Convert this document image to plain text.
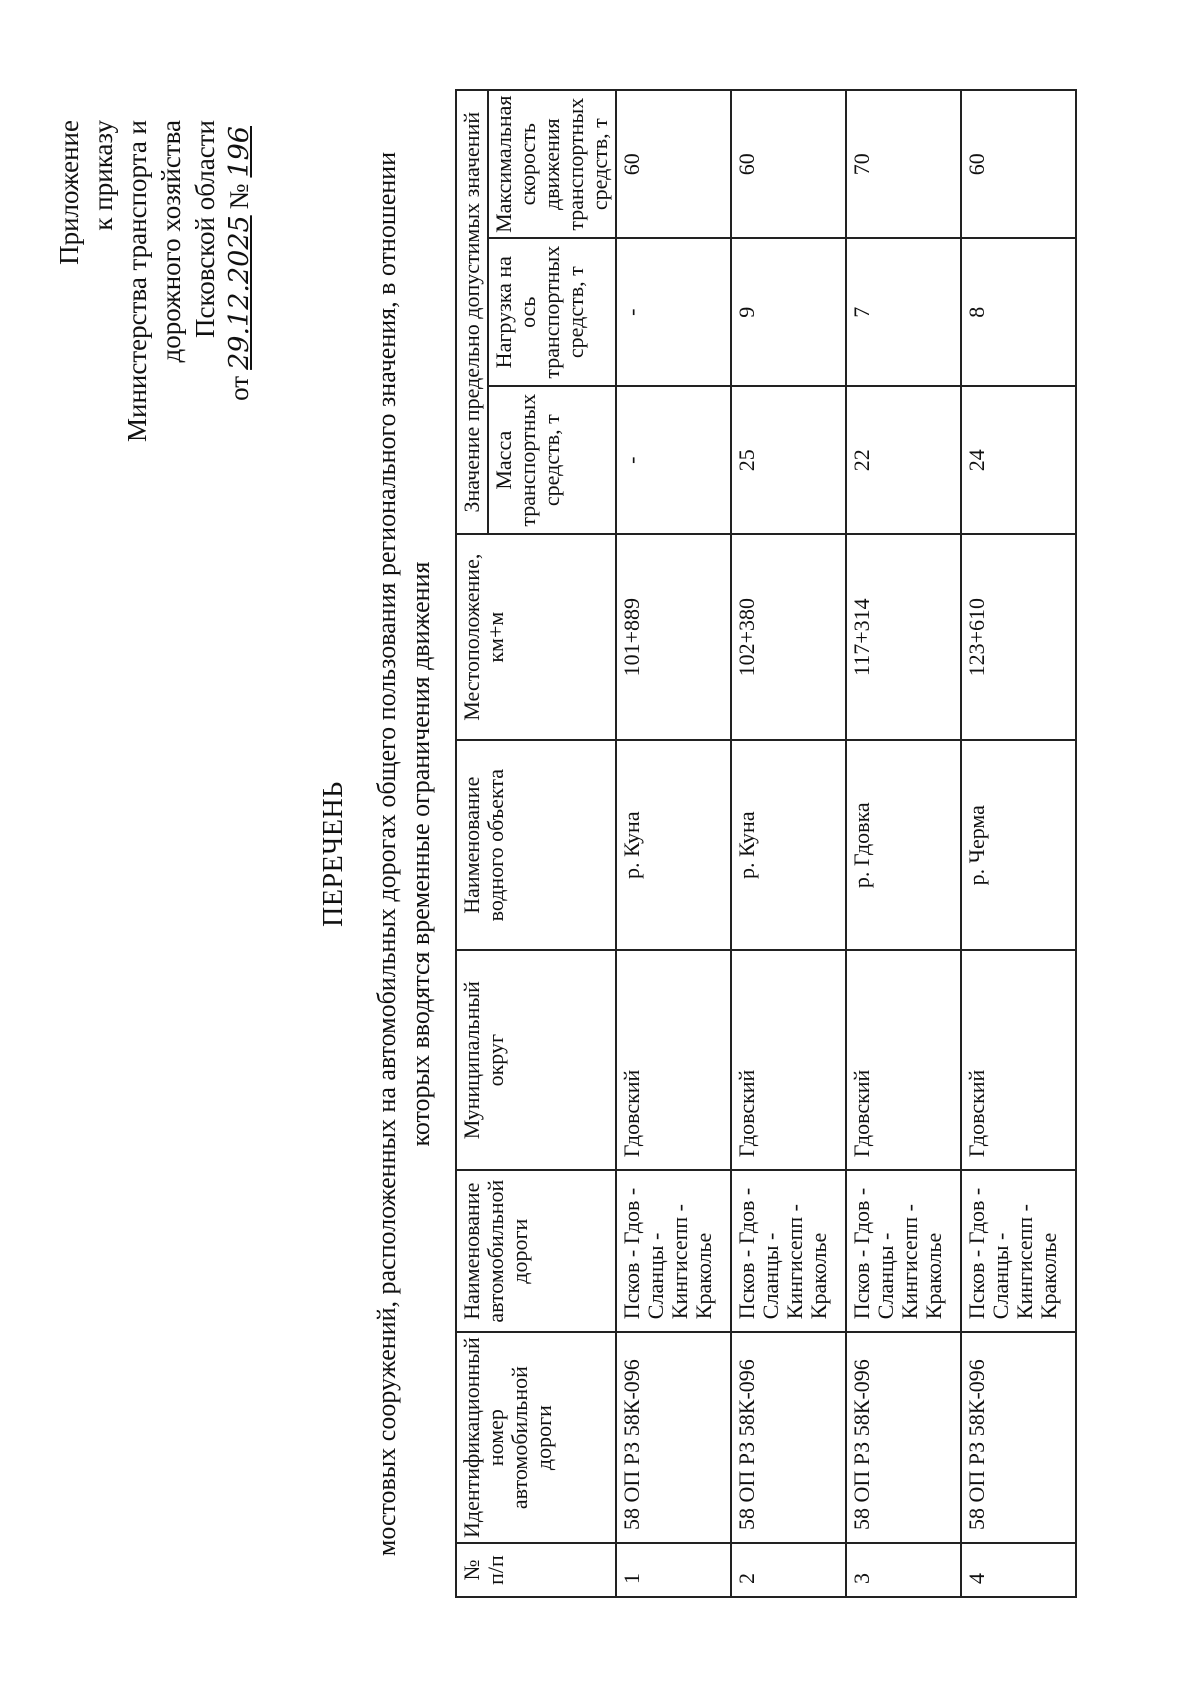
Приложение к приказу Министерства транспорта и дорожного хозяйства Псковской области
от29.12.2025№196
ПЕРЕЧЕНЬ мостовых сооружений, расположенных на автомобильных дорогах общего пользования регионального значения, в отношении которых вводятся временные ограничения движения
№ п/п	Идентификационный номер автомобильной дороги	Наименование автомобильной дороги	Муниципальный округ	Наименование водного объекта	Местоположение, км+м	Значение предельно допустимых значений		
						Масса транспортных средств, т	Нагрузка на ось транспортных средств, т	Максимальная скорость движения транспортных средств, т
1	58 ОП РЗ 58К-096	Псков - Гдов - Сланцы - Кингисепп - Краколье	Гдовский	р. Куна	101+889	-	-	60
2	58 ОП РЗ 58К-096	Псков - Гдов - Сланцы - Кингисепп - Краколье	Гдовский	р. Куна	102+380	25	9	60
3	58 ОП РЗ 58К-096	Псков - Гдов - Сланцы - Кингисепп - Краколье	Гдовский	р. Гдовка	117+314	22	7	70
4	58 ОП РЗ 58К-096	Псков - Гдов - Сланцы - Кингисепп - Краколье	Гдовский	р. Черма	123+610	24	8	60
